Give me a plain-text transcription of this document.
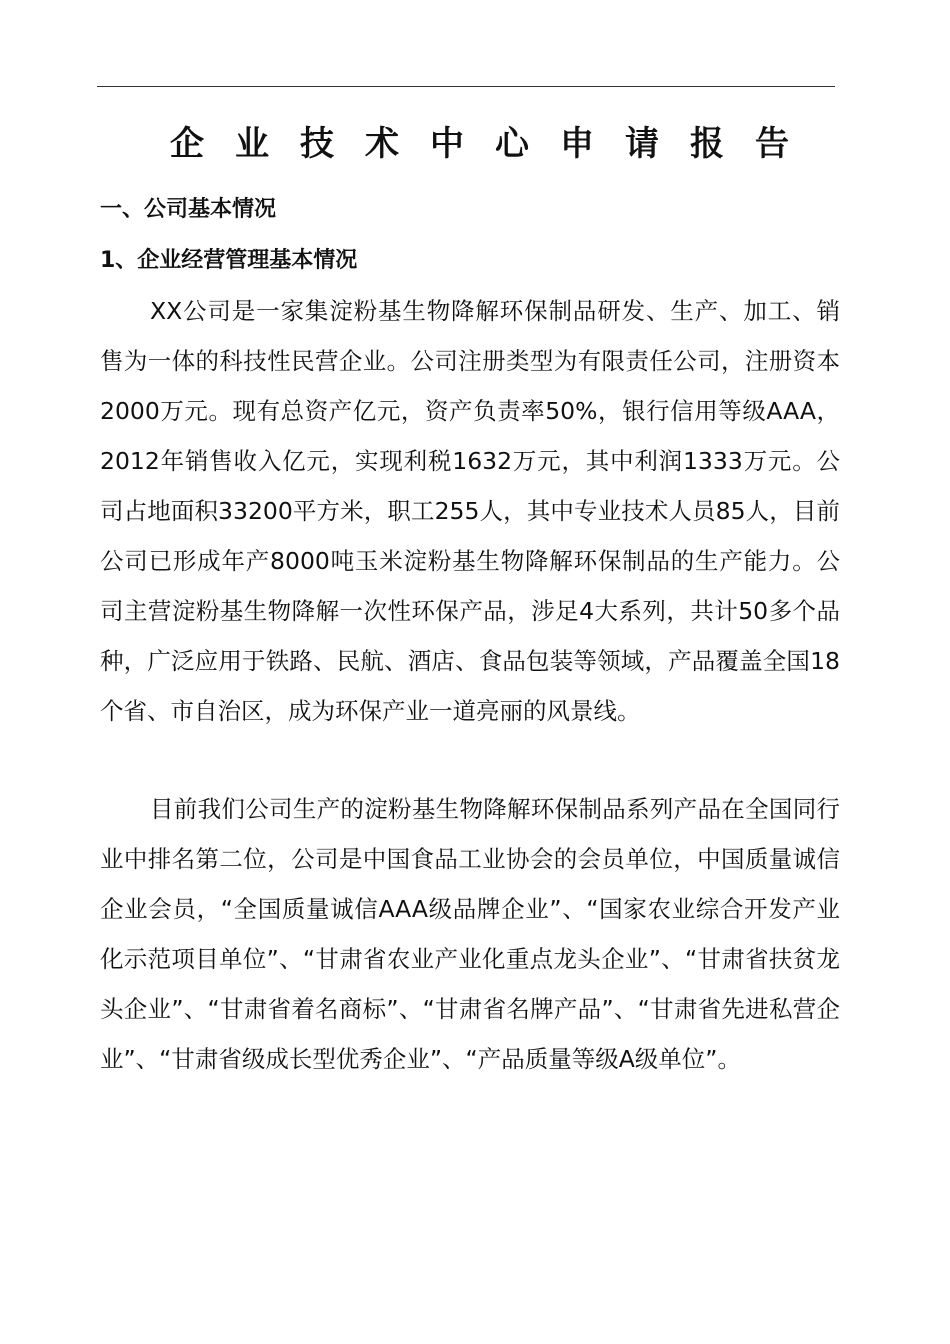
企业技术中心申请报告
一、公司基本情况
1、企业经营管理基本情况

XX公司是一家集淀粉基生物降解环保制品研发、生产、加工、销售为一体的科技性民营企业。公司注册类型为有限责任公司，注册资本2000万元。现有总资产亿元，资产负责率50%，银行信用等级AAA，2012年销售收入亿元，实现利税1632万元，其中利润1333万元。公司占地面积33200平方米，职工255人，其中专业技术人员85人，目前公司已形成年产8000吨玉米淀粉基生物降解环保制品的生产能力。公司主营淀粉基生物降解一次性环保产品，涉足4大系列，共计50多个品种，广泛应用于铁路、民航、酒店、食品包装等领域，产品覆盖全国18个省、市自治区，成为环保产业一道亮丽的风景线。

目前我们公司生产的淀粉基生物降解环保制品系列产品在全国同行业中排名第二位，公司是中国食品工业协会的会员单位，中国质量诚信企业会员，“全国质量诚信AAA级品牌企业”、“国家农业综合开发产业化示范项目单位”、“甘肃省农业产业化重点龙头企业”、“甘肃省扶贫龙头企业”、“甘肃省着名商标”、“甘肃省名牌产品”、“甘肃省先进私营企业”、“甘肃省级成长型优秀企业”、“产品质量等级A级单位”。
